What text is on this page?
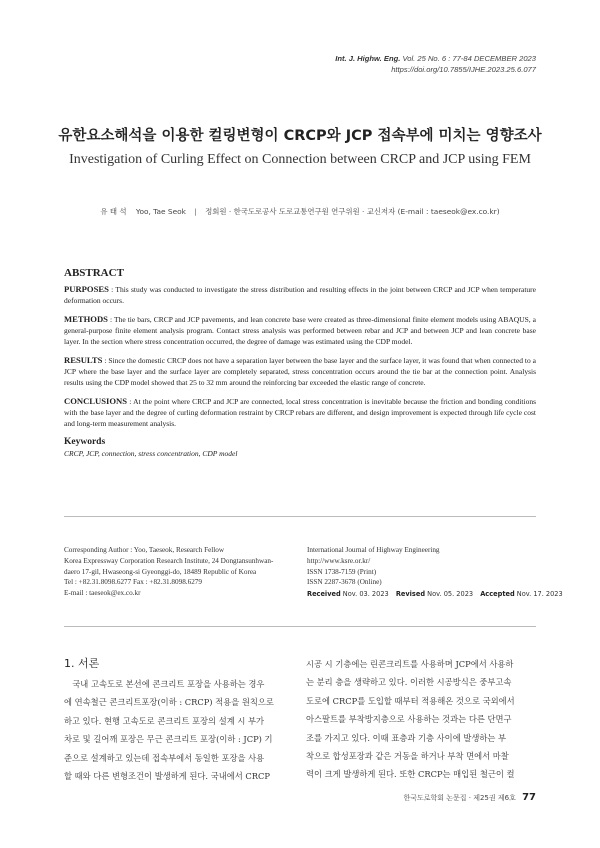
Int. J. Highw. Eng. Vol. 25 No. 6 : 77-84 DECEMBER 2023
https://doi.org/10.7855/IJHE.2023.25.6.077
유한요소해석을 이용한 컬링변형이 CRCP와 JCP 접속부에 미치는 영향조사
Investigation of Curling Effect on Connection between CRCP and JCP using FEM
유 태 석 Yoo, Tae Seok | 정회원 · 한국도로공사 도로교통연구원 연구위원 · 교신저자 (E-mail : taeseok@ex.co.kr)
ABSTRACT

PURPOSES : This study was conducted to investigate the stress distribution and resulting effects in the joint between CRCP and JCP when temperature deformation occurs.

METHODS : The tie bars, CRCP and JCP pavements, and lean concrete base were created as three-dimensional finite element models using ABAQUS, a general-purpose finite element analysis program. Contact stress analysis was performed between rebar and JCP and between JCP and lean concrete base layer. In the section where stress concentration occurred, the degree of damage was estimated using the CDP model.

RESULTS : Since the domestic CRCP does not have a separation layer between the base layer and the surface layer, it was found that when connected to a JCP where the base layer and the surface layer are completely separated, stress concentration occurs around the tie bar at the connection point. Analysis results using the CDP model showed that 25 to 32 mm around the reinforcing bar exceeded the elastic range of concrete.

CONCLUSIONS : At the point where CRCP and JCP are connected, local stress concentration is inevitable because the friction and bonding conditions with the base layer and the degree of curling deformation restraint by CRCP rebars are different, and design improvement is expected through life cycle cost and long-term measurement analysis.

Keywords
CRCP, JCP, connection, stress concentration, CDP model
Corresponding Author : Yoo, Taeseok, Research Fellow
Korea Expressway Corporation Research Institute, 24 Dongtansunhwan-
daero 17-gil, Hwaseong-si Gyeonggi-do, 18489 Republic of Korea
Tel : +82.31.8098.6277 Fax : +82.31.8098.6279
E-mail : taeseok@ex.co.kr
International Journal of Highway Engineering
http://www.ksre.or.kr/
ISSN 1738-7159 (Print)
ISSN 2287-3678 (Online)
Received Nov. 03. 2023 Revised Nov. 05. 2023 Accepted Nov. 17. 2023
1. 서론
　국내 고속도로 본선에 콘크리트 포장을 사용하는 경우
에 연속철근 콘크리트포장(이하 : CRCP) 적용을 원칙으로
하고 있다. 현행 고속도로 콘크리트 포장의 설계 시 부가
차로 및 길어깨 포장은 무근 콘크리트 포장(이하 : JCP) 기
준으로 설계하고 있는데 접속부에서 동일한 포장을 사용
할 때와 다른 변형조건이 발생하게 된다. 국내에서 CRCP
시공 시 기층에는 린콘크리트를 사용하며 JCP에서 사용하
는 분리 층을 생략하고 있다. 이러한 시공방식은 중부고속
도로에 CRCP를 도입할 때부터 적용해온 것으로 국외에서
아스팔트를 부착방지층으로 사용하는 것과는 다른 단면구
조를 가지고 있다. 이때 표층과 기층 사이에 발생하는 부
착으로 합성포장과 같은 거동을 하거나 부착 면에서 마찰
력이 크게 발생하게 된다. 또한 CRCP는 매입된 철근이 컬
한국도로학회 논문집 · 제25권 제6호 77
